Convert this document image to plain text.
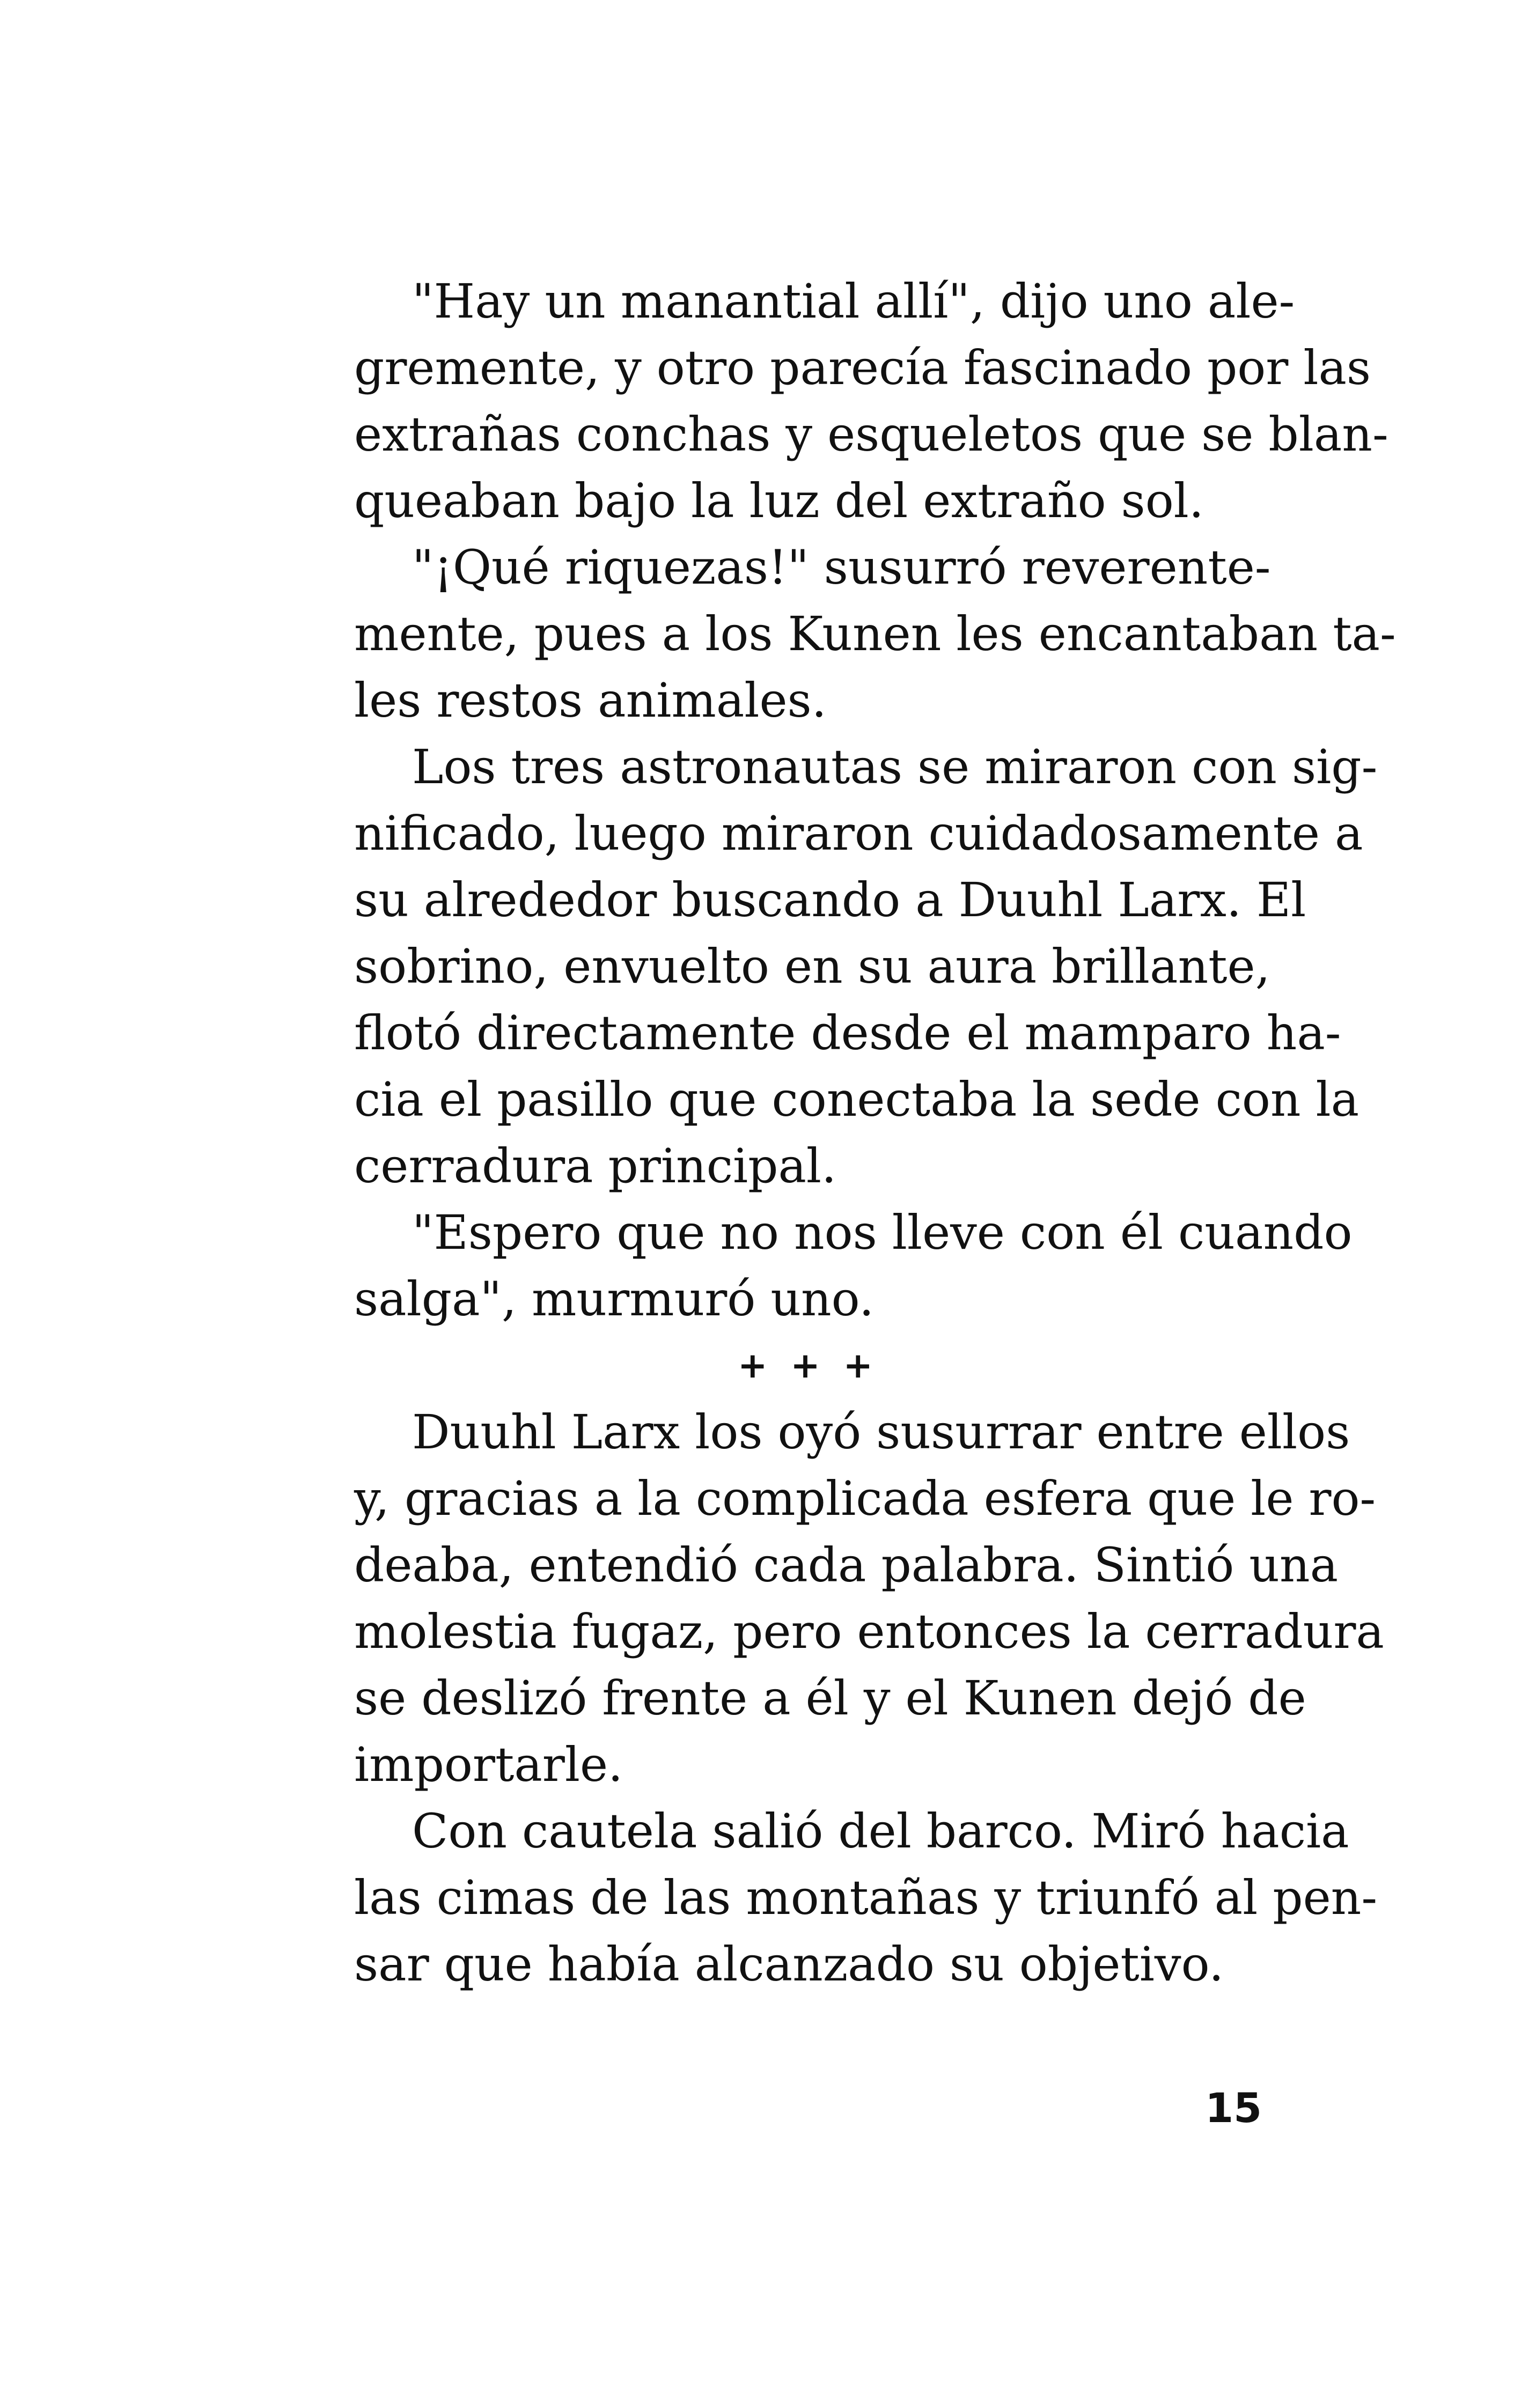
"Hay un manantial allí", dijo uno ale-
gremente, y otro parecía fascinado por las
extrañas conchas y esqueletos que se blan-
queaban bajo la luz del extraño sol.
"¡Qué riquezas!" susurró reverente-
mente, pues a los Kunen les encantaban ta-
les restos animales.
Los tres astronautas se miraron con sig-
nificado, luego miraron cuidadosamente a
su alrededor buscando a Duuhl Larx. El
sobrino, envuelto en su aura brillante,
flotó directamente desde el mamparo ha-
cia el pasillo que conectaba la sede con la
cerradura principal.
"Espero que no nos lleve con él cuando
salga", murmuró uno.
+ + +
Duuhl Larx los oyó susurrar entre ellos
y, gracias a la complicada esfera que le ro-
deaba, entendió cada palabra. Sintió una
molestia fugaz, pero entonces la cerradura
se deslizó frente a él y el Kunen dejó de
importarle.
Con cautela salió del barco. Miró hacia
las cimas de las montañas y triunfó al pen-
sar que había alcanzado su objetivo.
15
